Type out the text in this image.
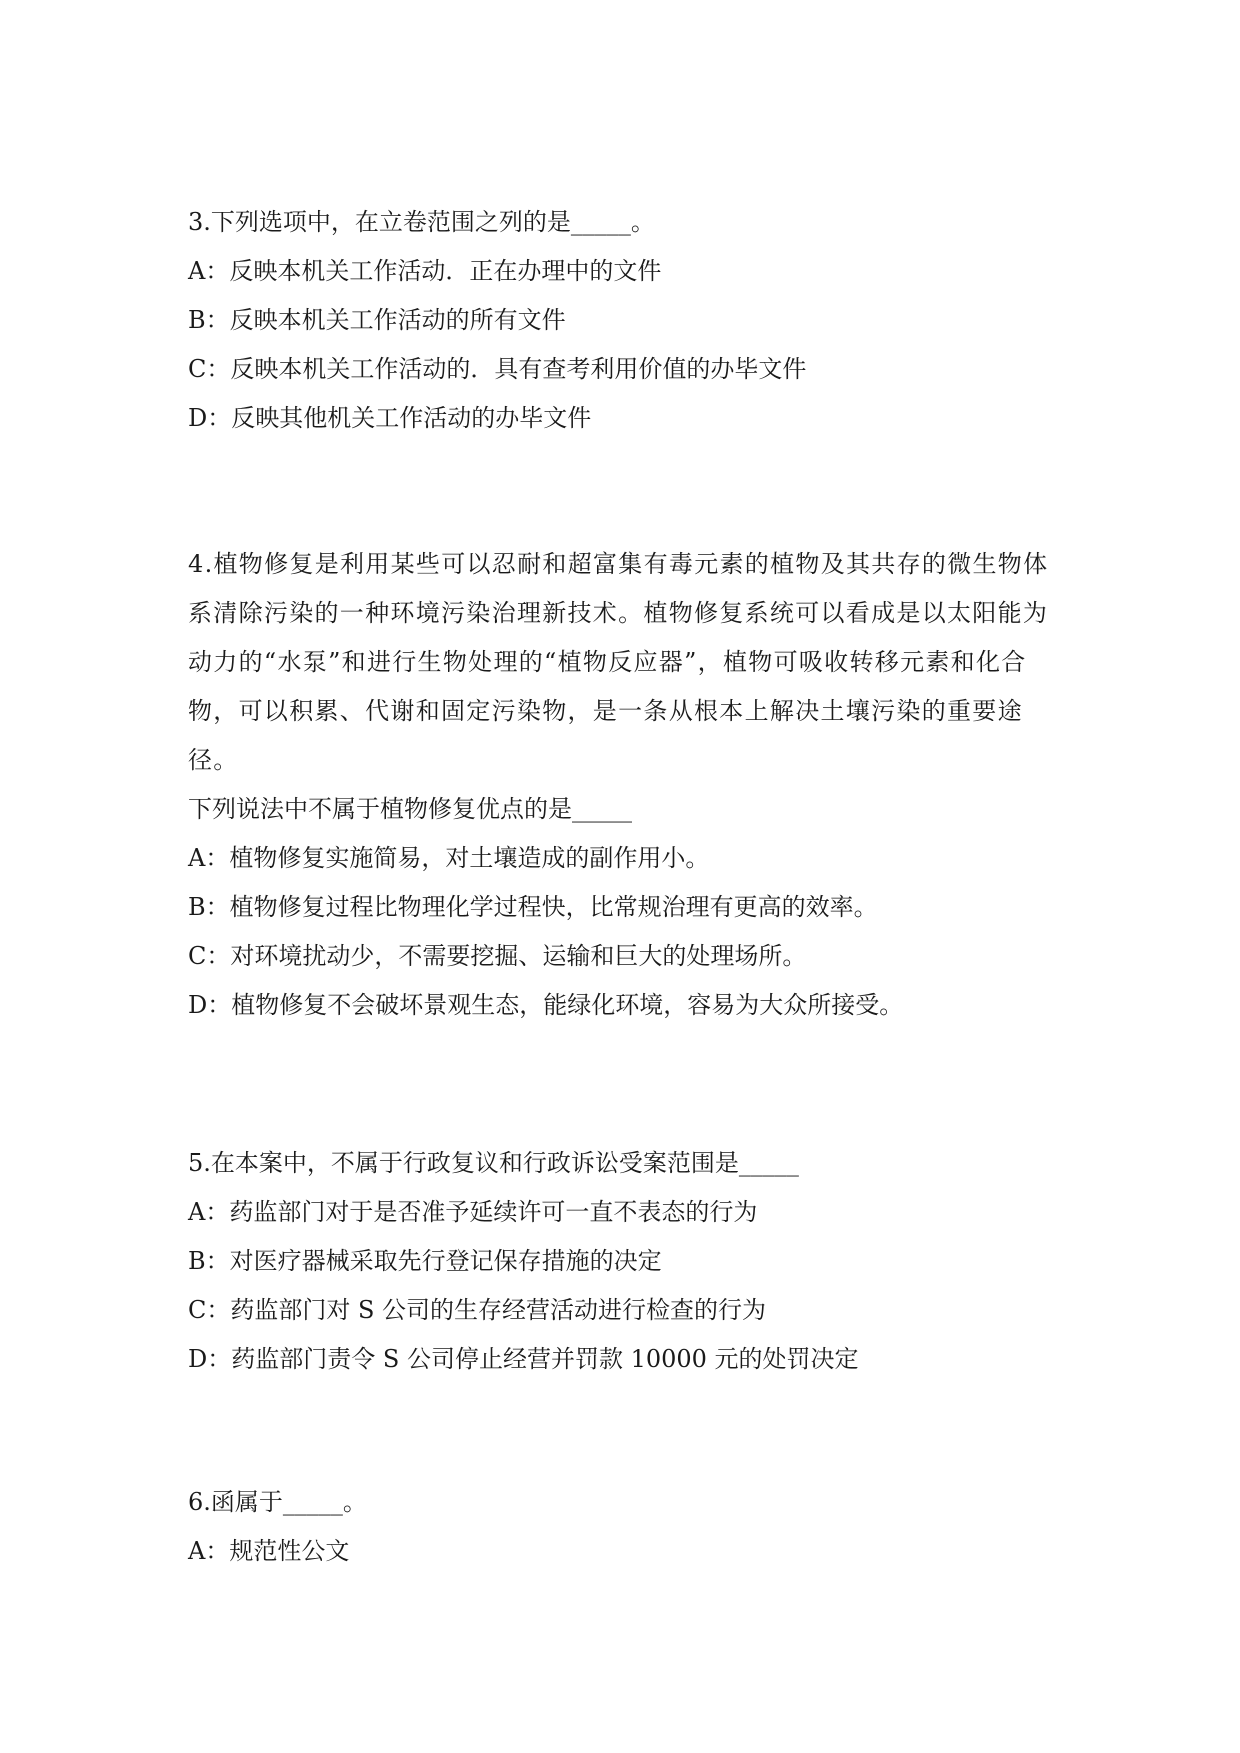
3.下列选项中，在立卷范围之列的是_____。
A：反映本机关工作活动．正在办理中的文件
B：反映本机关工作活动的所有文件
C：反映本机关工作活动的．具有查考利用价值的办毕文件
D：反映其他机关工作活动的办毕文件
4.植物修复是利用某些可以忍耐和超富集有毒元素的植物及其共存的微生物体系清除污染的一种环境污染治理新技术。植物修复系统可以看成是以太阳能为动力的“水泵”和进行生物处理的“植物反应器”，植物可吸收转移元素和化合物，可以积累、代谢和固定污染物，是一条从根本上解决土壤污染的重要途径。
下列说法中不属于植物修复优点的是_____
A：植物修复实施简易，对土壤造成的副作用小。
B：植物修复过程比物理化学过程快，比常规治理有更高的效率。
C：对环境扰动少，不需要挖掘、运输和巨大的处理场所。
D：植物修复不会破坏景观生态，能绿化环境，容易为大众所接受。
5.在本案中，不属于行政复议和行政诉讼受案范围是_____
A：药监部门对于是否准予延续许可一直不表态的行为
B：对医疗器械采取先行登记保存措施的决定
C：药监部门对 S 公司的生存经营活动进行检查的行为
D：药监部门责令 S 公司停止经营并罚款 10000 元的处罚决定
6.函属于_____。
A：规范性公文
